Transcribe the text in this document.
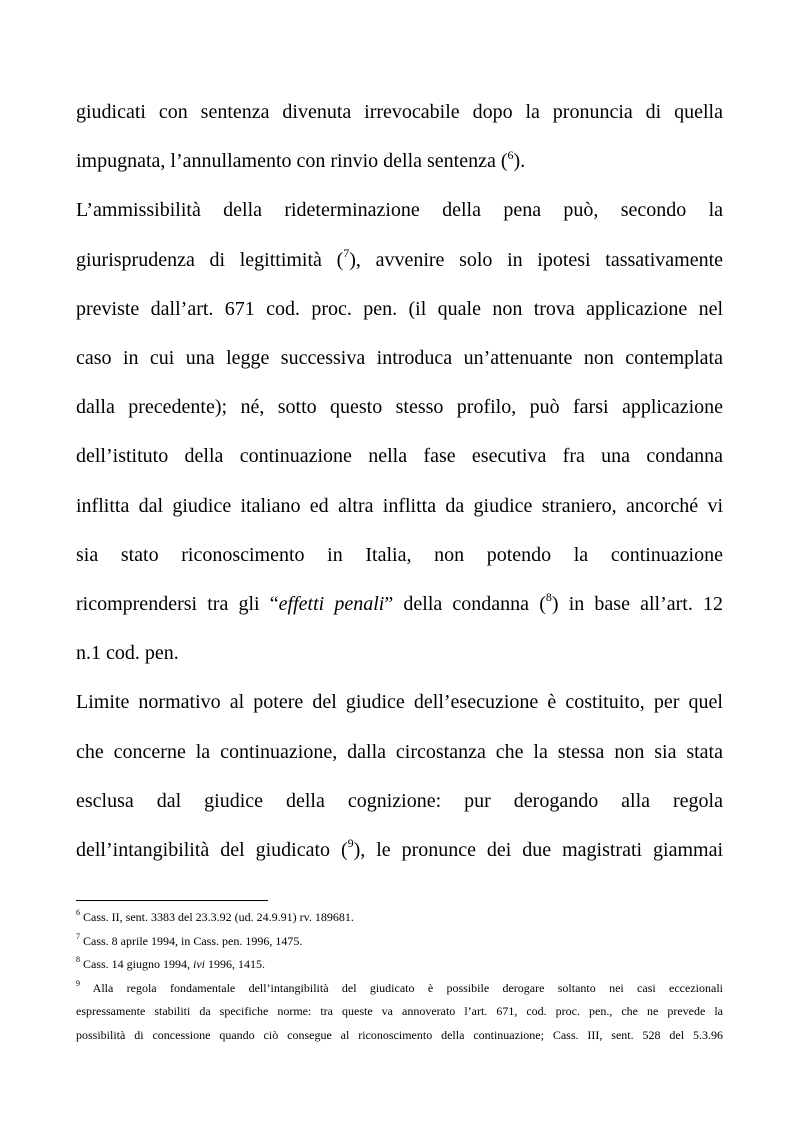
giudicati con sentenza divenuta irrevocabile dopo la pronuncia di quella
impugnata, l’annullamento con rinvio della sentenza ($^6$).
L’ammissibilità della rideterminazione della pena può, secondo la
giurisprudenza di legittimità ($^7$), avvenire solo in ipotesi tassativamente
previste dall’art. 671 cod. proc. pen. (il quale non trova applicazione nel
caso in cui una legge successiva introduca un’attenuante non contemplata
dalla precedente); né, sotto questo stesso profilo, può farsi applicazione
dell’istituto della continuazione nella fase esecutiva fra una condanna
inflitta dal giudice italiano ed altra inflitta da giudice straniero, ancorché vi
sia stato riconoscimento in Italia, non potendo la continuazione
ricomprendersi tra gli “effetti penali” della condanna ($^8$) in base all’art. 12
n.1 cod. pen.
Limite normativo al potere del giudice dell’esecuzione è costituito, per quel
che concerne la continuazione, dalla circostanza che la stessa non sia stata
esclusa dal giudice della cognizione: pur derogando alla regola
dell’intangibilità del giudicato ($^9$), le pronunce dei due magistrati giammai
$^6$ Cass. II, sent. 3383 del 23.3.92 (ud. 24.9.91) rv. 189681.
$^7$ Cass. 8 aprile 1994, in Cass. pen. 1996, 1475.
$^8$ Cass. 14 giugno 1994, ivi 1996, 1415.
$^9$ Alla regola fondamentale dell’intangibilità del giudicato è possibile derogare soltanto nei casi eccezionali
espressamente stabiliti da specifiche norme: tra queste va annoverato l’art. 671, cod. proc. pen., che ne prevede la
possibilità di concessione quando ciò consegue al riconoscimento della continuazione; Cass. III, sent. 528 del 5.3.96
